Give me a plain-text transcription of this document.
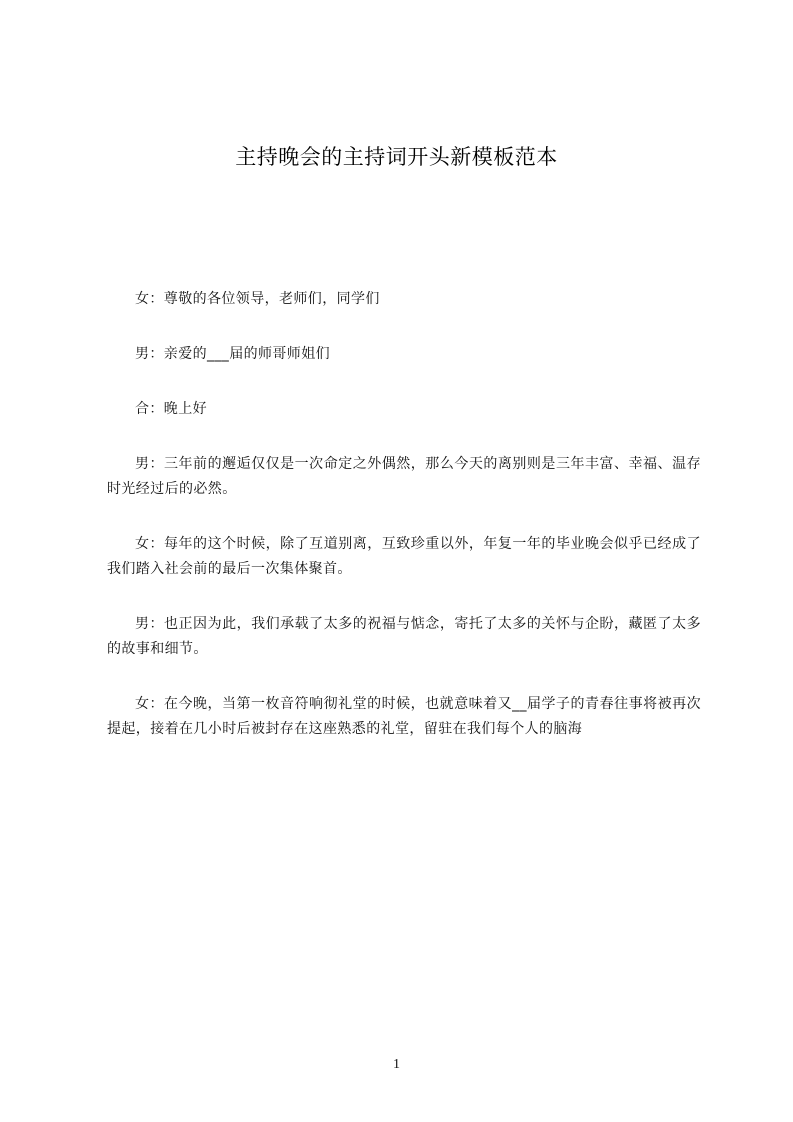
主持晚会的主持词开头新模板范本

女：尊敬的各位领导，老师们，同学们

男：亲爱的___届的师哥师姐们

合：晚上好

男：三年前的邂逅仅仅是一次命定之外偶然，那么今天的离别则是三年丰富、幸福、温存时光经过后的必然。

女：每年的这个时候，除了互道别离，互致珍重以外，年复一年的毕业晚会似乎已经成了我们踏入社会前的最后一次集体聚首。

男：也正因为此，我们承载了太多的祝福与惦念，寄托了太多的关怀与企盼，藏匿了太多的故事和细节。

女：在今晚，当第一枚音符响彻礼堂的时候，也就意味着又__届学子的青春往事将被再次提起，接着在几小时后被封存在这座熟悉的礼堂，留驻在我们每个人的脑海

1
